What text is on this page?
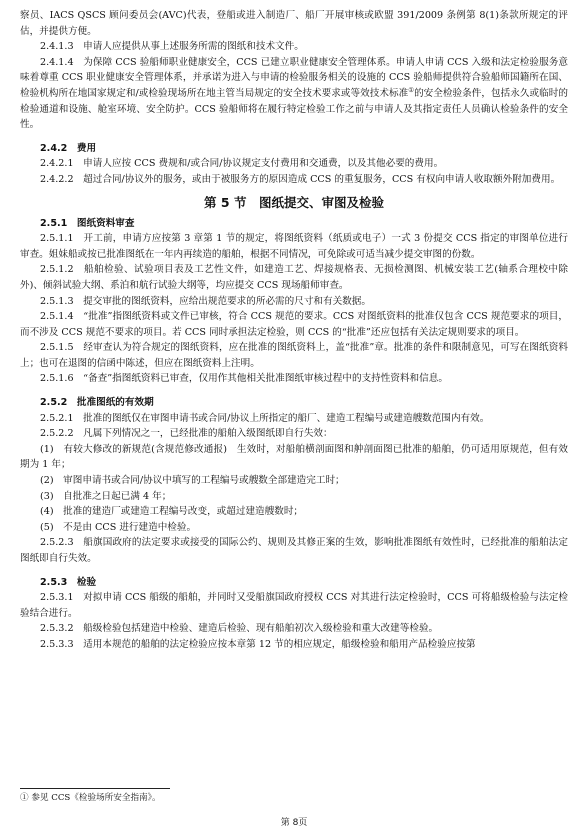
察员、IACS QSCS 顾问委员会(AVC)代表，登船或进入制造厂、船厂开展审核或欧盟 391/2009 条例第 8(1)条款所规定的评估，并提供方便。

2.4.1.3　申请人应提供从事上述服务所需的图纸和技术文件。

2.4.1.4　为保障 CCS 验船师职业健康安全，CCS 已建立职业健康安全管理体系。申请人申请 CCS 入级和法定检验服务意味着尊重 CCS 职业健康安全管理体系，并承诺为进入与申请的检验服务相关的设施的 CCS 验船师提供符合验船师国籍所在国、检验机构所在地国家规定和/或检验现场所在地主管当局规定的安全技术要求或等效技术标准①的安全检验条件，包括永久或临时的检验通道和设施、舱室环境、安全防护。CCS 验船师将在履行特定检验工作之前与申请人及其指定责任人员确认检验条件的安全性。

2.4.2　费用

2.4.2.1　申请人应按 CCS 费规和/或合同/协议规定支付费用和交通费，以及其他必要的费用。

2.4.2.2　超过合同/协议外的服务，或由于被服务方的原因造成 CCS 的重复服务，CCS 有权向申请人收取额外附加费用。

第 5 节　图纸提交、审图及检验

2.5.1　图纸资料审查

2.5.1.1　开工前，申请方应按第 3 章第 1 节的规定，将图纸资料（纸质或电子）一式 3 份提交 CCS 指定的审图单位进行审查。姐妹船或按已批准图纸在一年内再续造的船舶，根据不同情况，可免除或可适当减少提交审图的份数。

2.5.1.2　船舶检验、试验项目表及工艺性文件，如建造工艺、焊接规格表、无损检测图、机械安装工艺(轴系合理校中除外)、倾斜试验大纲、系泊和航行试验大纲等，均应提交 CCS 现场船师审查。

2.5.1.3　提交审批的图纸资料，应给出规范要求的所必需的尺寸和有关数据。

2.5.1.4　“批准”指图纸资料或文件已审核，符合 CCS 规范的要求。CCS 对图纸资料的批准仅包含 CCS 规范要求的项目，而不涉及 CCS 规范不要求的项目。若 CCS 同时承担法定检验，则 CCS 的“批准”还应包括有关法定规则要求的项目。

2.5.1.5　经审查认为符合规定的图纸资料，应在批准的图纸资料上，盖“批准”章。批准的条件和限制意见，可写在图纸资料上；也可在退图的信函中陈述，但应在图纸资料上注明。

2.5.1.6　“备查”指图纸资料已审查，仅用作其他相关批准图纸审核过程中的支持性资料和信息。

2.5.2　批准图纸的有效期

2.5.2.1　批准的图纸仅在审图申请书或合同/协议上所指定的船厂、建造工程编号或建造艘数范围内有效。

2.5.2.2　凡属下列情况之一，已经批准的船舶入级图纸即自行失效：

(1)　有较大修改的新规范(含规范修改通报)　生效时，对船舶横剖面图和舯剖面图已批准的船舶，仍可适用原规范，但有效期为 1 年；

(2)　审图申请书或合同/协议中填写的工程编号或艘数全部建造完工时；

(3)　自批准之日起已满 4 年；

(4)　批准的建造厂或建造工程编号改变，或超过建造艘数时；

(5)　不是由 CCS 进行建造中检验。

2.5.2.3　船旗国政府的法定要求或接受的国际公约、规则及其修正案的生效，影响批准图纸有效性时，已经批准的船舶法定图纸即自行失效。

2.5.3　检验

2.5.3.1　对拟申请 CCS 船级的船舶，并同时又受船旗国政府授权 CCS 对其进行法定检验时，CCS 可将船级检验与法定检验结合进行。

2.5.3.2　船级检验包括建造中检验、建造后检验、现有船舶初次入级检验和重大改建等检验。

2.5.3.3　适用本规范的船舶的法定检验应按本章第 12 节的相应规定，船级检验和船用产品检验应按第

① 参见 CCS《检验场所安全指南》。
第 8页
